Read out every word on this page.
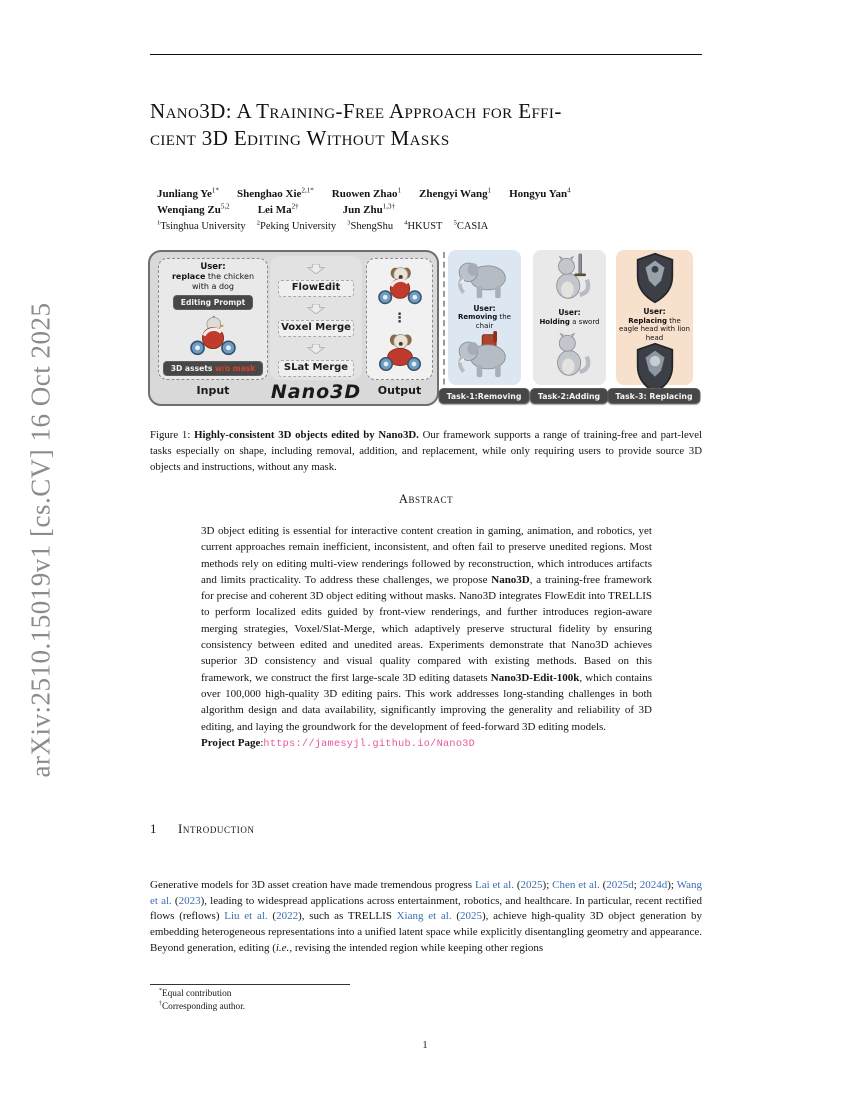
arXiv:2510.15019v1 [cs.CV] 16 Oct 2025
Nano3D: A Training-Free Approach for Effi-
cient 3D Editing Without Masks
Junliang $Ye^{1*}$ Shenghao Xie$^{2,1*}$ Ruowen Zhao$^1$ Zhengyi Wang$^1$ Hongyu Yan$^4$
Wenqiang Zu$^{5,2}$	Lei $Ma^{2\dagger}$	Jun Zhu$^{1,3\dagger}$
$^1$Tsinghua University $^2$Peking University $^3$ShengShu $^4$HKUST $^5$CASIA
User:
replace the chicken
with a dog
Editing Prompt
3D assets w/o mask
FlowEdit
Voxel Merge
SLat Merge
⋮
Input	Nano3D	Output
User:
Removing the chair
Task-1:Removing
User:
Holding a sword
Task-2:Adding
User:
Replacing the eagle head with lion head
Task-3: Replacing
Figure 1: Highly-consistent 3D objects edited by Nano3D. Our framework supports a range of training-free and part-level tasks especially on shape, including removal, addition, and replacement, while only requiring users to provide source 3D objects and instructions, without any mask.
Abstract
3D object editing is essential for interactive content creation in gaming, animation, and robotics, yet current approaches remain inefficient, inconsistent, and often fail to preserve unedited regions. Most methods rely on editing multi-view renderings followed by reconstruction, which introduces artifacts and limits practicality. To address these challenges, we propose Nano3D, a training-free framework for precise and coherent 3D object editing without masks. Nano3D integrates FlowEdit into TRELLIS to perform localized edits guided by front-view renderings, and further introduces region-aware merging strategies, Voxel/Slat-Merge, which adaptively preserve structural fidelity by ensuring consistency between edited and unedited areas. Experiments demonstrate that Nano3D achieves superior 3D consistency and visual quality compared with existing methods. Based on this framework, we construct the first large-scale 3D editing datasets Nano3D-Edit-100k, which contains over 100,000 high-quality 3D editing pairs. This work addresses long-standing challenges in both algorithm design and data availability, significantly improving the generality and reliability of 3D editing, and laying the groundwork for the development of feed-forward 3D editing models.
Project Page:https://jamesyjl.github.io/Nano3D
1 Introduction
Generative models for 3D asset creation have made tremendous progress Lai et al. (2025); Chen et al. (2025d; 2024d); Wang et al. (2023), leading to widespread applications across entertainment, robotics, and healthcare. In particular, recent rectified flows (reflows) Liu et al. (2022), such as TRELLIS Xiang et al. (2025), achieve high-quality 3D object generation by embedding heterogeneous representations into a unified latent space while explicitly disentangling geometry and appearance. Beyond generation, editing (i.e., revising the intended region while keeping other regions
*Equal contribution
†Corresponding author.
1
